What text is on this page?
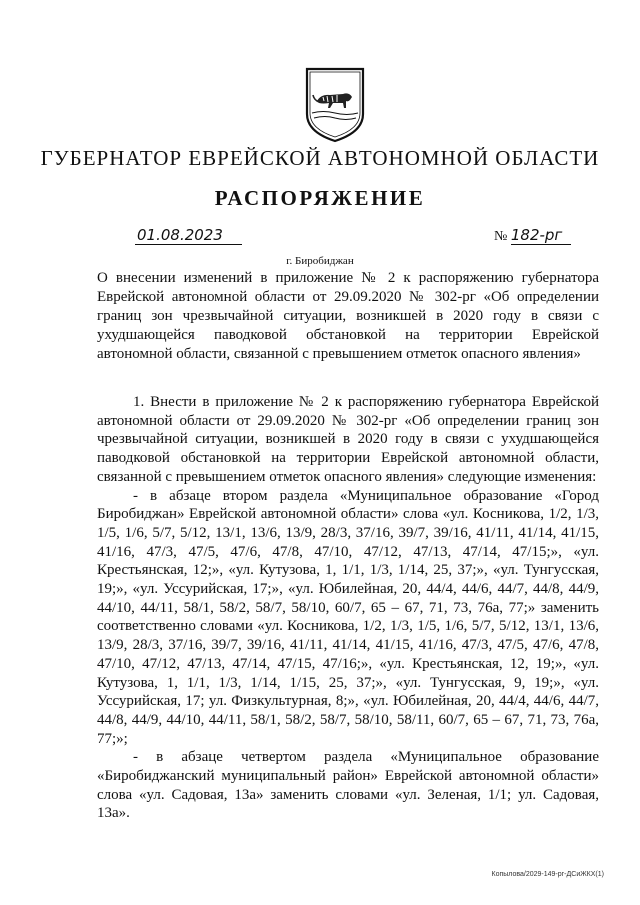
ГУБЕРНАТОР ЕВРЕЙСКОЙ АВТОНОМНОЙ ОБЛАСТИ
РАСПОРЯЖЕНИЕ
01.08.2023	№ 182-рг
г. Биробиджан
О внесении изменений в приложение № 2 к распоряжению губернатора Еврейской автономной области от 29.09.2020 № 302-рг «Об определении границ зон чрезвычайной ситуации, возникшей в 2020 году в связи с ухудшающейся паводковой обстановкой на территории Еврейской автономной области, связанной с превышением отметок опасного явления»

1. Внести в приложение № 2 к распоряжению губернатора Еврейской автономной области от 29.09.2020 № 302-рг «Об определении границ зон чрезвычайной ситуации, возникшей в 2020 году в связи с ухудшающейся паводковой обстановкой на территории Еврейской автономной области, связанной с превышением отметок опасного явления» следующие изменения:

- в абзаце втором раздела «Муниципальное образование «Город Биробиджан» Еврейской автономной области» слова «ул. Косникова, 1/2, 1/3, 1/5, 1/6, 5/7, 5/12, 13/1, 13/6, 13/9, 28/3, 37/16, 39/7, 39/16, 41/11, 41/14, 41/15, 41/16, 47/3, 47/5, 47/6, 47/8, 47/10, 47/12, 47/13, 47/14, 47/15;», «ул. Крестьянская, 12;», «ул. Кутузова, 1, 1/1, 1/3, 1/14, 25, 37;», «ул. Тунгусская, 19;», «ул. Уссурийская, 17;», «ул. Юбилейная, 20, 44/4, 44/6, 44/7, 44/8, 44/9, 44/10, 44/11, 58/1, 58/2, 58/7, 58/10, 60/7, 65 – 67, 71, 73, 76а, 77;» заменить соответственно словами «ул. Косникова, 1/2, 1/3, 1/5, 1/6, 5/7, 5/12, 13/1, 13/6, 13/9, 28/3, 37/16, 39/7, 39/16, 41/11, 41/14, 41/15, 41/16, 47/3, 47/5, 47/6, 47/8, 47/10, 47/12, 47/13, 47/14, 47/15, 47/16;», «ул. Крестьянская, 12, 19;», «ул. Кутузова, 1, 1/1, 1/3, 1/14, 1/15, 25, 37;», «ул. Тунгусская, 9, 19;», «ул. Уссурийская, 17; ул. Физкультурная, 8;», «ул. Юбилейная, 20, 44/4, 44/6, 44/7, 44/8, 44/9, 44/10, 44/11, 58/1, 58/2, 58/7, 58/10, 58/11, 60/7, 65 – 67, 71, 73, 76а, 77;»;

- в абзаце четвертом раздела «Муниципальное образование «Биробиджанский муниципальный район» Еврейской автономной области» слова «ул. Садовая, 13а» заменить словами «ул. Зеленая, 1/1; ул. Садовая, 13а».

Копылова/2029-149-рг-ДСиЖКХ(1)
